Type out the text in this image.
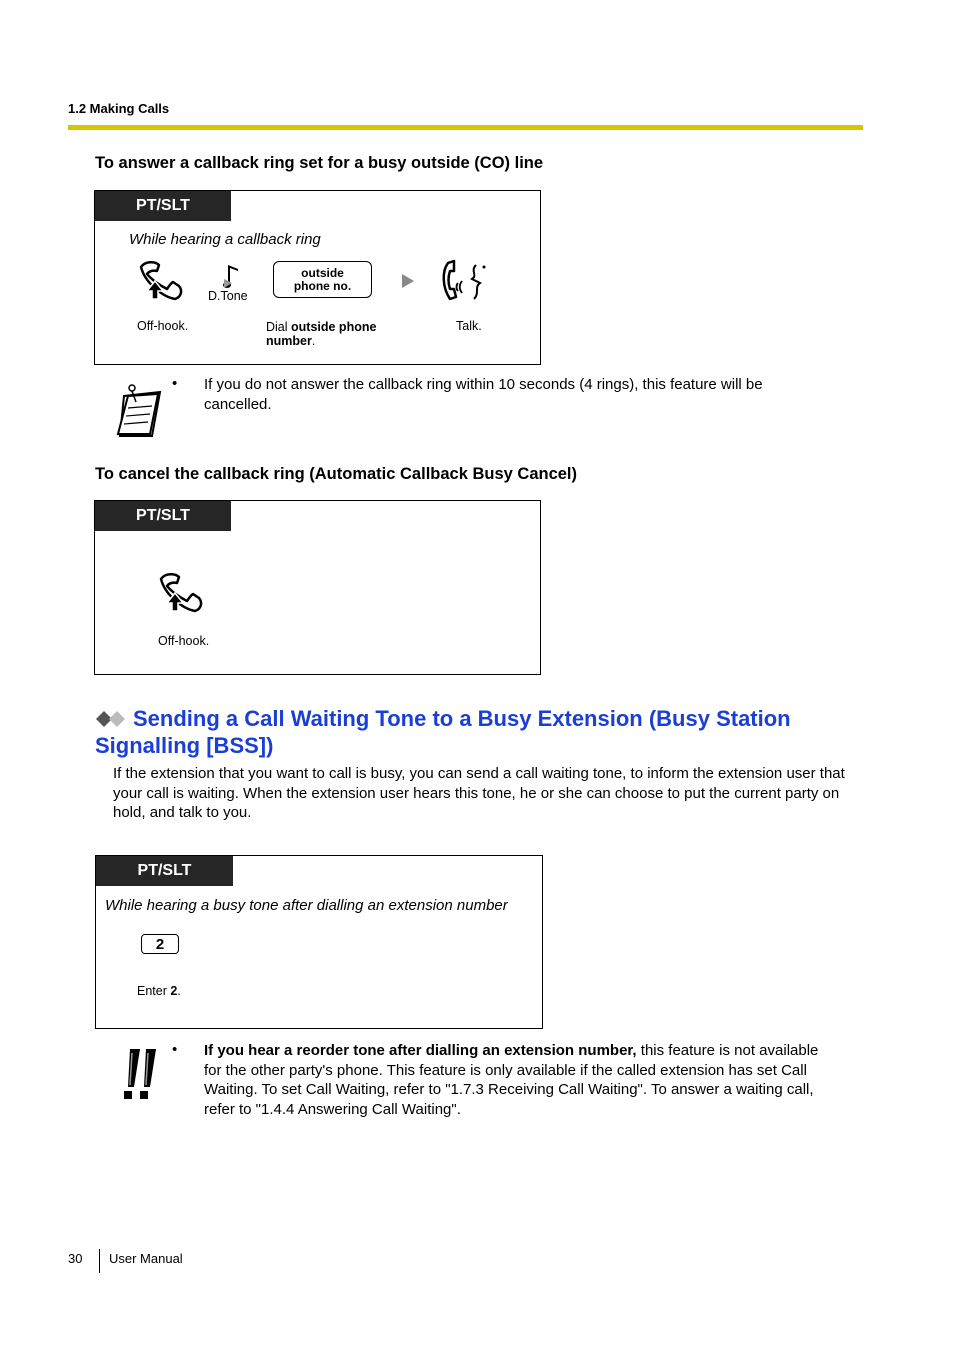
1.2 Making Calls
To answer a callback ring set for a busy outside (CO) line
PT/SLT
While hearing a callback ring
Off-hook.
D.Tone
outside
phone no.
Dial outside phone
number.
Talk.
• If you do not answer the callback ring within 10 seconds (4 rings), this feature will be cancelled.
To cancel the callback ring (Automatic Callback Busy Cancel)
PT/SLT
Off-hook.
Sending a Call Waiting Tone to a Busy Extension (Busy Station Signalling [BSS])
If the extension that you want to call is busy, you can send a call waiting tone, to inform the extension user that your call is waiting. When the extension user hears this tone, he or she can choose to put the current party on hold, and talk to you.
PT/SLT
While hearing a busy tone after dialling an extension number
2
Enter 2.
• If you hear a reorder tone after dialling an extension number, this feature is not available for the other party's phone. This feature is only available if the called extension has set Call Waiting. To set Call Waiting, refer to "1.7.3 Receiving Call Waiting". To answer a waiting call, refer to "1.4.4 Answering Call Waiting".
30 User Manual
